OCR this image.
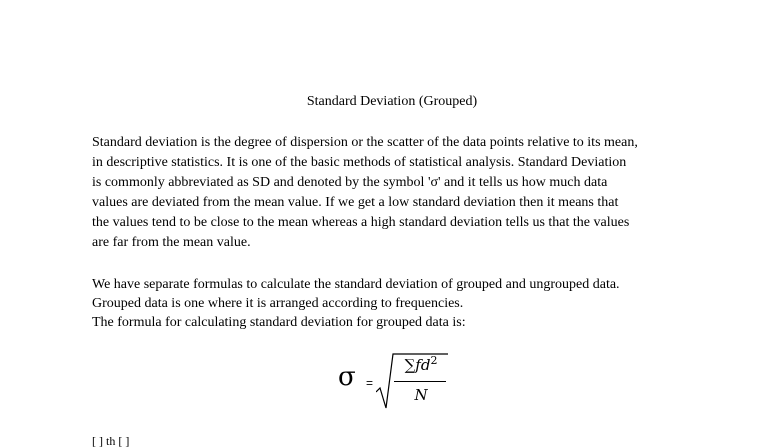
Standard Deviation (Grouped)

Standard deviation is the degree of dispersion or the scatter of the data points relative to its mean,
in descriptive statistics. It is one of the basic methods of statistical analysis. Standard Deviation
is commonly abbreviated as SD and denoted by the symbol 'σ' and it tells us how much data
values are deviated from the mean value. If we get a low standard deviation then it means that
the values tend to be close to the mean whereas a high standard deviation tells us that the values
are far from the mean value.

We have separate formulas to calculate the standard deviation of grouped and ungrouped data.
Grouped data is one where it is arranged according to frequencies.
The formula for calculating standard deviation for grouped data is:

σ =
$\sum fd^2$
N
[ ] th [ ]
